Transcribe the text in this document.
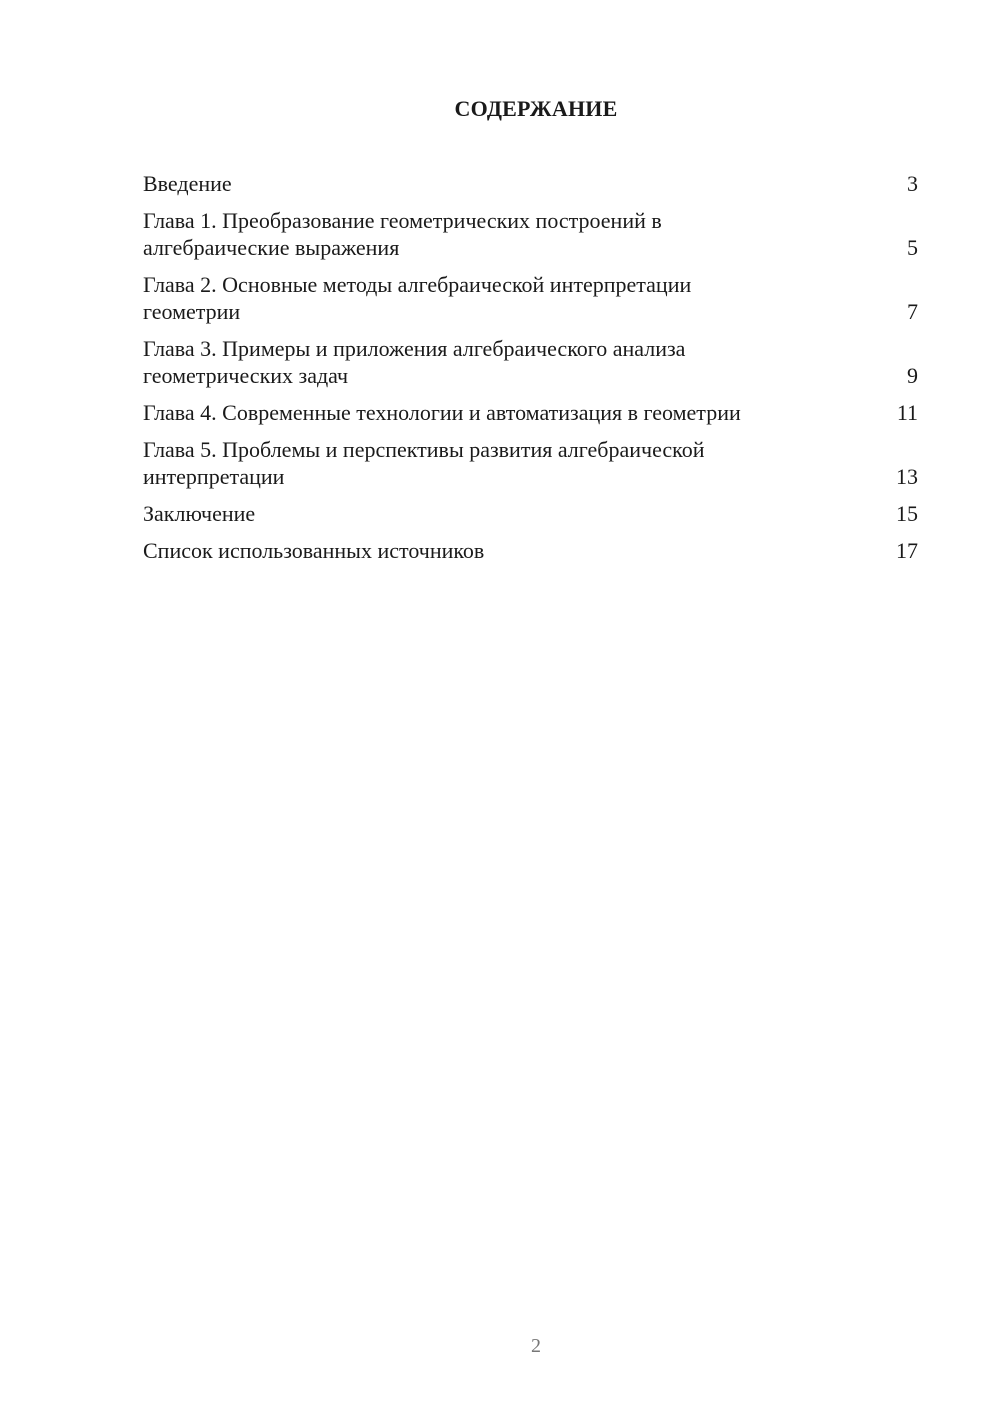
СОДЕРЖАНИЕ
Введение	3
Глава 1. Преобразование геометрических построений в алгебраические выражения	5
Глава 2. Основные методы алгебраической интерпретации геометрии	7
Глава 3. Примеры и приложения алгебраического анализа геометрических задач	9
Глава 4. Современные технологии и автоматизация в геометрии	11
Глава 5. Проблемы и перспективы развития алгебраической интерпретации	13
Заключение	15
Список использованных источников	17
2
